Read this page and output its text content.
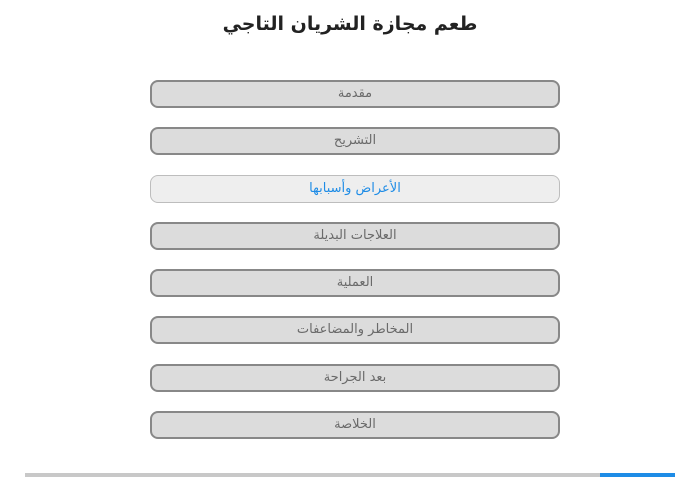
طعم مجازة الشريان التاجي
مقدمة
التشريح
الأعراض وأسبابها
العلاجات البديلة
العملية
المخاطر والمضاعفات
بعد الجراحة
الخلاصة
